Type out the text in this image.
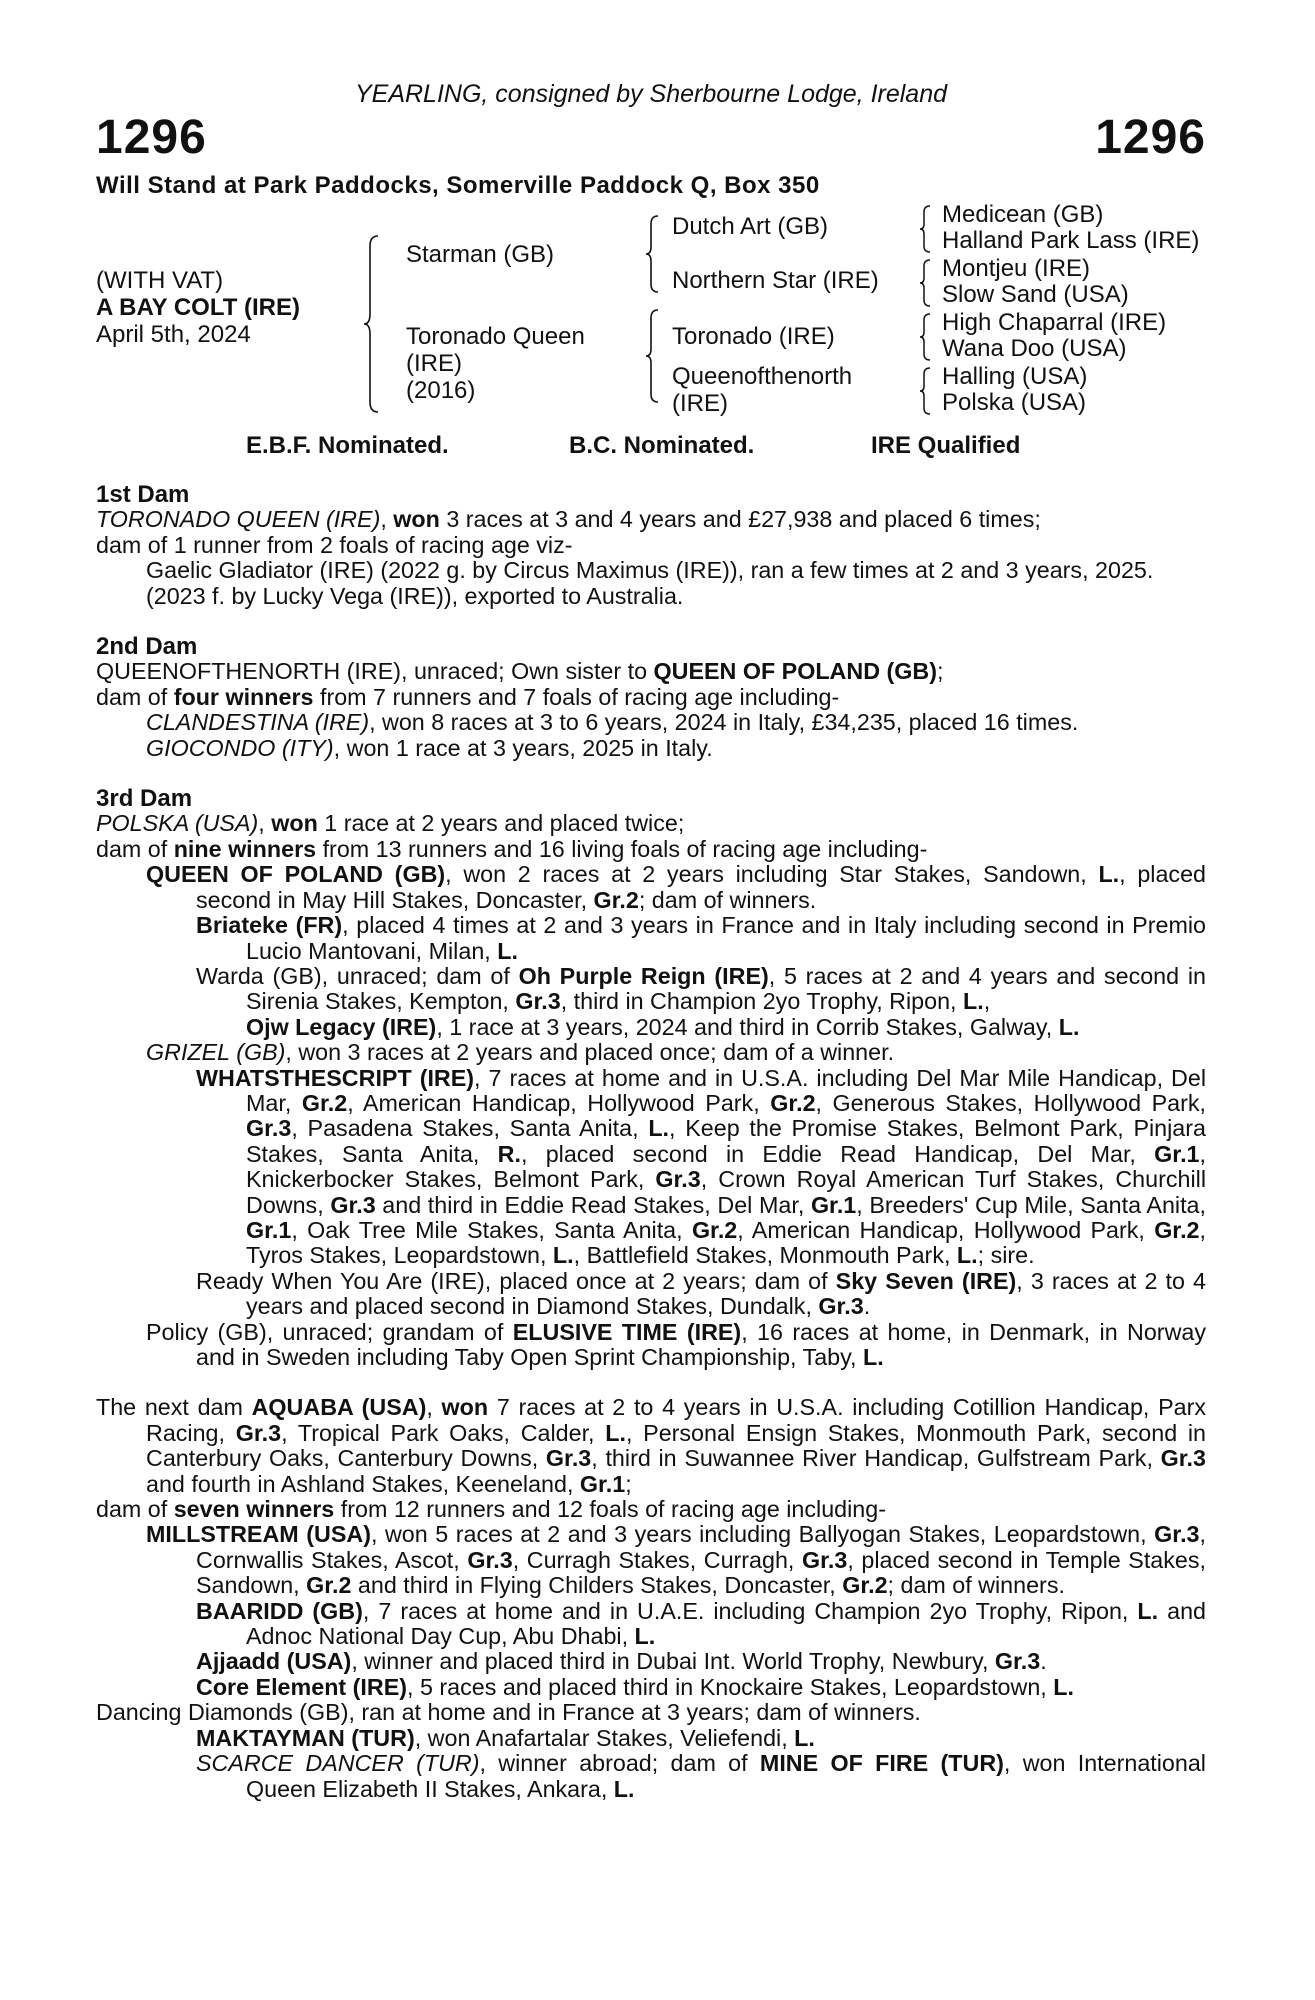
YEARLING, consigned by Sherbourne Lodge, Ireland
1296	1296
Will Stand at Park Paddocks, Somerville Paddock Q, Box 350
(WITH VAT)
A BAY COLT (IRE)
April 5th, 2024
Starman (GB)
Toronado Queen
(IRE)
(2016)
Dutch Art (GB)
Northern Star (IRE)
Toronado (IRE)
Queenofthenorth
(IRE)
Medicean (GB)
Halland Park Lass (IRE)
Montjeu (IRE)
Slow Sand (USA)
High Chaparral (IRE)
Wana Doo (USA)
Halling (USA)
Polska (USA)
E.B.F. Nominated.	B.C. Nominated.	IRE Qualified
1st Dam
TORONADO QUEEN (IRE), won 3 races at 3 and 4 years and £27,938 and placed 6 times;
dam of 1 runner from 2 foals of racing age viz-
Gaelic Gladiator (IRE) (2022 g. by Circus Maximus (IRE)), ran a few times at 2 and 3 years, 2025.
(2023 f. by Lucky Vega (IRE)), exported to Australia.
2nd Dam
QUEENOFTHENORTH (IRE), unraced; Own sister to QUEEN OF POLAND (GB);
dam of four winners from 7 runners and 7 foals of racing age including-
CLANDESTINA (IRE), won 8 races at 3 to 6 years, 2024 in Italy, £34,235, placed 16 times.
GIOCONDO (ITY), won 1 race at 3 years, 2025 in Italy.
3rd Dam
POLSKA (USA), won 1 race at 2 years and placed twice;
dam of nine winners from 13 runners and 16 living foals of racing age including-
QUEEN OF POLAND (GB), won 2 races at 2 years including Star Stakes, Sandown, L., placed second in May Hill Stakes, Doncaster, Gr.2; dam of winners.
Briateke (FR), placed 4 times at 2 and 3 years in France and in Italy including second in Premio Lucio Mantovani, Milan, L.
Warda (GB), unraced; dam of Oh Purple Reign (IRE), 5 races at 2 and 4 years and second in Sirenia Stakes, Kempton, Gr.3, third in Champion 2yo Trophy, Ripon, L.,
Ojw Legacy (IRE), 1 race at 3 years, 2024 and third in Corrib Stakes, Galway, L.
GRIZEL (GB), won 3 races at 2 years and placed once; dam of a winner.
WHATSTHESCRIPT (IRE), 7 races at home and in U.S.A. including Del Mar Mile Handicap, Del Mar, Gr.2, American Handicap, Hollywood Park, Gr.2, Generous Stakes, Hollywood Park, Gr.3, Pasadena Stakes, Santa Anita, L., Keep the Promise Stakes, Belmont Park, Pinjara Stakes, Santa Anita, R., placed second in Eddie Read Handicap, Del Mar, Gr.1, Knickerbocker Stakes, Belmont Park, Gr.3, Crown Royal American Turf Stakes, Churchill Downs, Gr.3 and third in Eddie Read Stakes, Del Mar, Gr.1, Breeders' Cup Mile, Santa Anita, Gr.1, Oak Tree Mile Stakes, Santa Anita, Gr.2, American Handicap, Hollywood Park, Gr.2, Tyros Stakes, Leopardstown, L., Battlefield Stakes, Monmouth Park, L.; sire.
Ready When You Are (IRE), placed once at 2 years; dam of Sky Seven (IRE), 3 races at 2 to 4 years and placed second in Diamond Stakes, Dundalk, Gr.3.
Policy (GB), unraced; grandam of ELUSIVE TIME (IRE), 16 races at home, in Denmark, in Norway and in Sweden including Taby Open Sprint Championship, Taby, L.
The next dam AQUABA (USA), won 7 races at 2 to 4 years in U.S.A. including Cotillion Handicap, Parx Racing, Gr.3, Tropical Park Oaks, Calder, L., Personal Ensign Stakes, Monmouth Park, second in Canterbury Oaks, Canterbury Downs, Gr.3, third in Suwannee River Handicap, Gulfstream Park, Gr.3 and fourth in Ashland Stakes, Keeneland, Gr.1;
dam of seven winners from 12 runners and 12 foals of racing age including-
MILLSTREAM (USA), won 5 races at 2 and 3 years including Ballyogan Stakes, Leopardstown, Gr.3, Cornwallis Stakes, Ascot, Gr.3, Curragh Stakes, Curragh, Gr.3, placed second in Temple Stakes, Sandown, Gr.2 and third in Flying Childers Stakes, Doncaster, Gr.2; dam of winners.
BAARIDD (GB), 7 races at home and in U.A.E. including Champion 2yo Trophy, Ripon, L. and Adnoc National Day Cup, Abu Dhabi, L.
Ajjaadd (USA), winner and placed third in Dubai Int. World Trophy, Newbury, Gr.3.
Core Element (IRE), 5 races and placed third in Knockaire Stakes, Leopardstown, L.
Dancing Diamonds (GB), ran at home and in France at 3 years; dam of winners.
MAKTAYMAN (TUR), won Anafartalar Stakes, Veliefendi, L.
SCARCE DANCER (TUR), winner abroad; dam of MINE OF FIRE (TUR), won International Queen Elizabeth II Stakes, Ankara, L.
